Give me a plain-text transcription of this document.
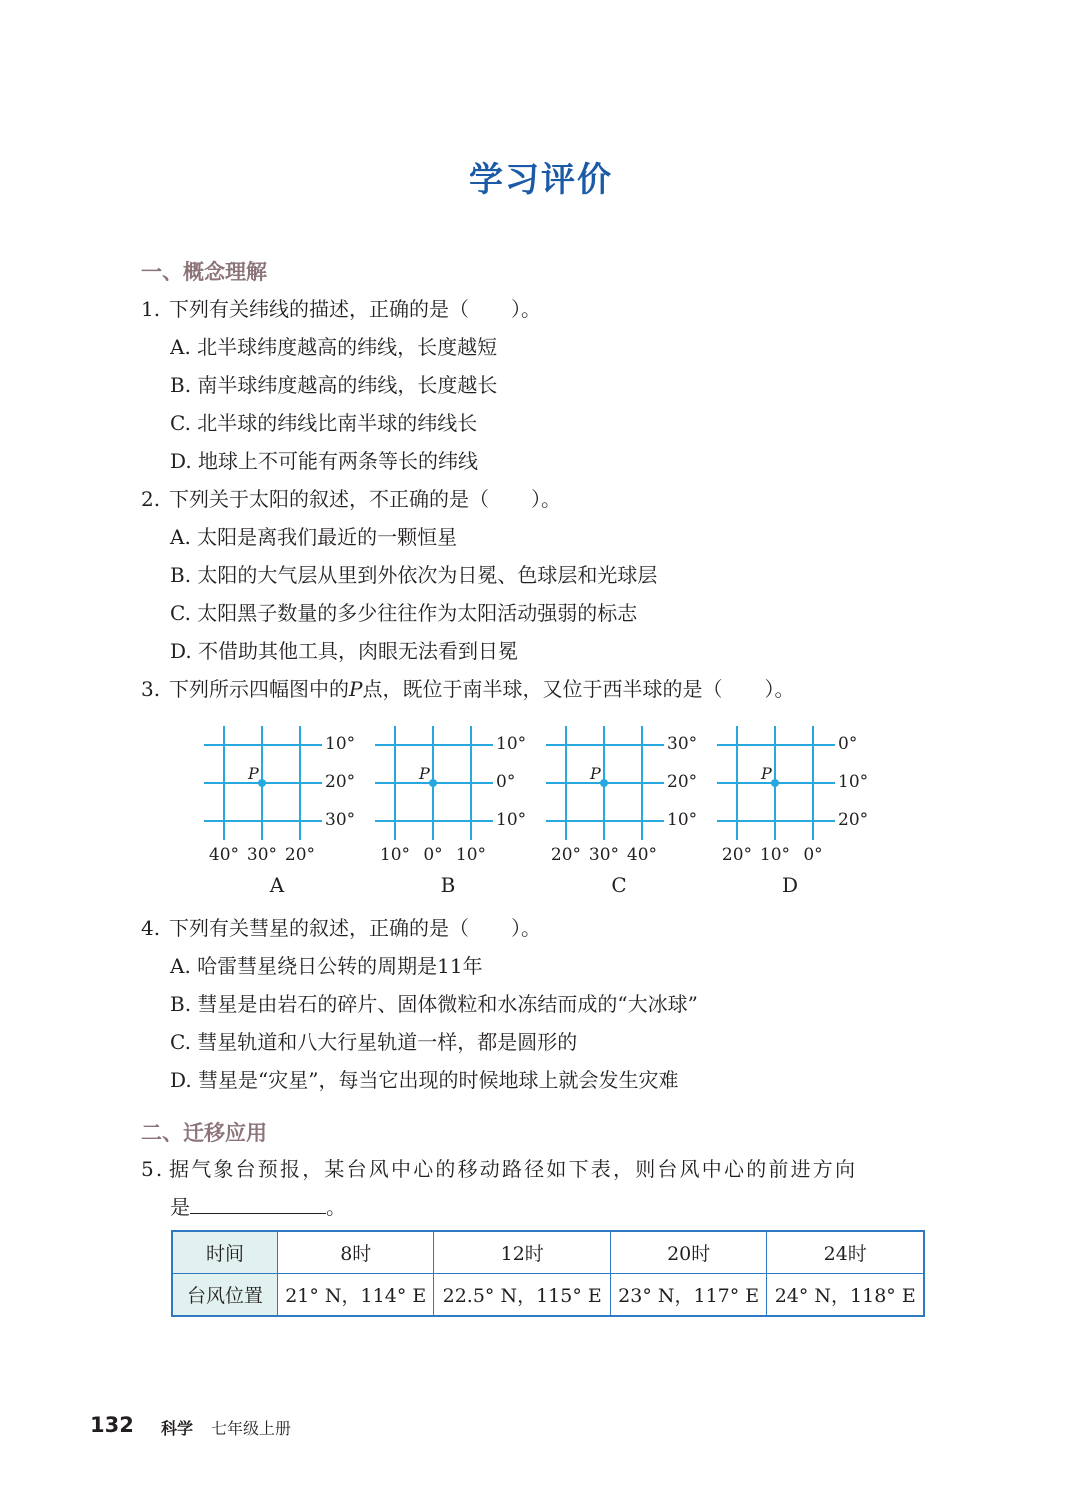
学习评价
一、概念理解
1. 下列有关纬线的描述，正确的是（ ）。
A. 北半球纬度越高的纬线，长度越短
B. 南半球纬度越高的纬线，长度越长
C. 北半球的纬线比南半球的纬线长
D. 地球上不可能有两条等长的纬线
2. 下列关于太阳的叙述，不正确的是（ ）。
A. 太阳是离我们最近的一颗恒星
B. 太阳的大气层从里到外依次为日冕、色球层和光球层
C. 太阳黑子数量的多少往往作为太阳活动强弱的标志
D. 不借助其他工具，肉眼无法看到日冕
3. 下列所示四幅图中的P点，既位于南半球，又位于西半球的是（ ）。
P
10°
20°
30°
40° 30° 20°
A
P
10°
0°
10°
10° 0° 10°
B
P
30°
20°
10°
20° 30° 40°
C
P
0°
10°
20°
20° 10° 0°
D
4. 下列有关彗星的叙述，正确的是（ ）。
A. 哈雷彗星绕日公转的周期是11年
B. 彗星是由岩石的碎片、固体微粒和水冻结而成的“大冰球”
C. 彗星轨道和八大行星轨道一样，都是圆形的
D. 彗星是“灾星”，每当它出现的时候地球上就会发生灾难
二、迁移应用
5. 据气象台预报，某台风中心的移动路径如下表，则台风中心的前进方向
是	。
时间	8时	12时	20时	24时
台风位置	21° N，114° E	22.5° N，115° E	23° N，117° E	24° N，118° E
132 科学 七年级上册
